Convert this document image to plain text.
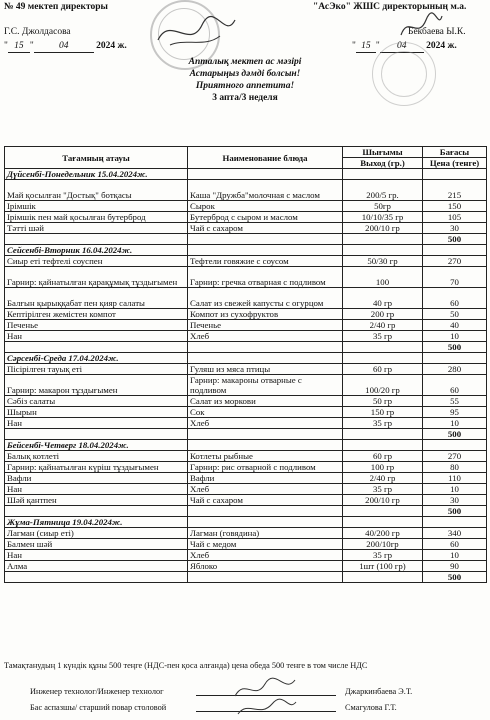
№ 49 мектеп директоры
Г.С. Джолдасова
" 15 "	04	2024 ж.
"АсЭко" ЖШС директорының м.а.
Бекбаева Ы.К.
" 15 " 04 2024 ж.
Апталық мектеп ас мәзірі
Астарыңыз дәмді болсын!
Приятного аппетита!
3 апта/3 неделя
Тағамның атауы	Наименование блюда	Шығымы	Бағасы
		Выход (гр.)	Цена (тенге)
Дүйсенбі-Понедельник 15.04.2024ж.			
Май қосылған "Достық" ботқасы	Каша "Дружба"молочная с маслом	200/5 гр.	215
Ірімшік	Сырок	50гр	150
Ірімшік пен май қосылған бутерброд	Бутерброд с сыром и маслом	10/10/35 гр	105
Тәтті шәй	Чай с сахаром	200/10 гр	30
			500
Сейсенбі-Вторник 16.04.2024ж.			
Сиыр еті тефтелі соуспен	Тефтели говяжие с соусом	50/30 гр	270
Гарнир: қайнатылған қарақұмық тұздығымен	Гарнир: гречка отварная с подливом	100	70
Балғын қырыққабат пен қияр салаты	Салат из свежей капусты с огурцом	40 гр	60
Кептірілген жемістен компот	Компот из сухофруктов	200 гр	50
Печенье	Печенье	2/40 гр	40
Нан	Хлеб	35 гр	10
			500
Сәрсенбі-Среда 17.04.2024ж.			
Пісірілген тауық еті	Гуляш из мяса птицы	60 гр	280
Гарнир: макарон тұздығымен	Гарнир: макароны отварные с подливом	100/20 гр	60
Сәбіз салаты	Салат из моркови	50 гр	55
Шырын	Сок	150 гр	95
Нан	Хлеб	35 гр	10
			500
Бейсенбі-Четверг 18.04.2024ж.			
Балық котлеті	Котлеты рыбные	60 гр	270
Гарнир: қайнатылған күріш тұздығымен	Гарнир: рис отварной с подливом	100 гр	80
Вафли	Вафли	2/40 гр	110
Нан	Хлеб	35 гр	10
Шәй қантпен	Чай с сахаром	200/10 гр	30
			500
Жұма-Пятница 19.04.2024ж.			
Лагман (сиыр еті)	Лагман (говядина)	40/200 гр	340
Балмен шәй	Чай с медом	200/10гр	60
Нан	Хлеб	35 гр	10
Алма	Яблоко	1шт (100 гр)	90
			500
Тамақтанудың 1 күндік құны 500 теңге (НДС-пен қоса алғанда) цена обеда 500 тенге в том числе НДС
Инженер технолог/Инженер технолог	Джаркинбаева Э.Т.
Бас аспазшы/ старший повар столовой	Смагулова Г.Т.
